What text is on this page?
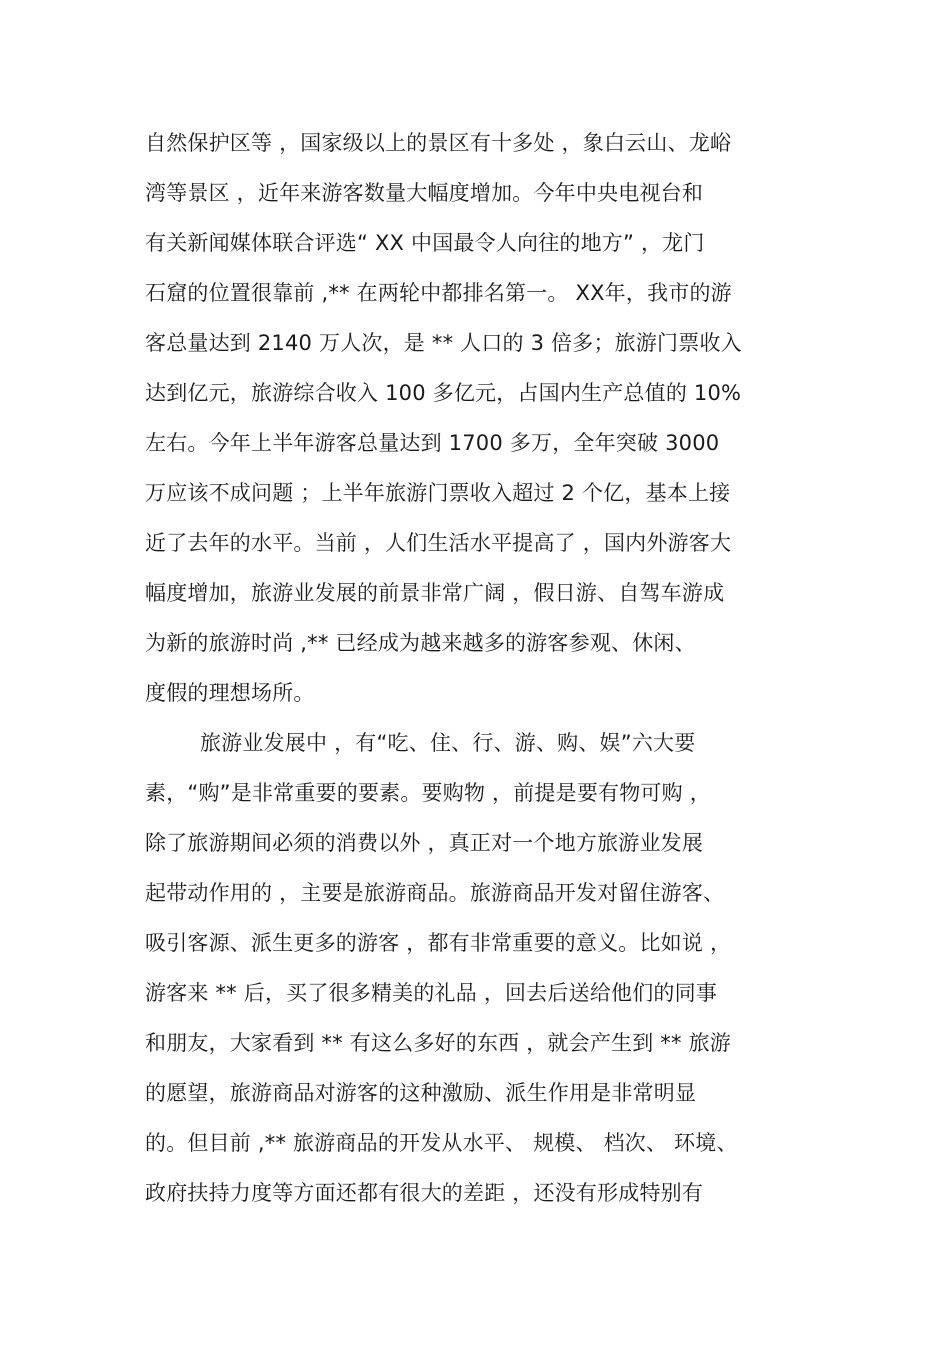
自然保护区等 ，国家级以上的景区有十多处 ，象白云山、龙峪
湾等景区 ，近年来游客数量大幅度增加。今年中央电视台和
有关新闻媒体联合评选“ XX 中国最令人向往的地方” ，龙门
石窟的位置很靠前 ,** 在两轮中都排名第一。 XX年，我市的游
客总量达到 2140 万人次，是 ** 人口的 3 倍多；旅游门票收入
达到亿元，旅游综合收入 100 多亿元，占国内生产总值的 10%
左右。今年上半年游客总量达到 1700 多万，全年突破 3000
万应该不成问题 ；上半年旅游门票收入超过 2 个亿，基本上接
近了去年的水平。当前 ，人们生活水平提高了 ，国内外游客大
幅度增加，旅游业发展的前景非常广阔 ，假日游、自驾车游成
为新的旅游时尚 ,** 已经成为越来越多的游客参观、休闲、
度假的理想场所。
旅游业发展中 ，有“吃、住、行、游、购、娱”六大要
素，“购”是非常重要的要素。要购物 ，前提是要有物可购 ，
除了旅游期间必须的消费以外 ，真正对一个地方旅游业发展
起带动作用的 ，主要是旅游商品。旅游商品开发对留住游客、
吸引客源、派生更多的游客 ，都有非常重要的意义。比如说 ，
游客来 ** 后，买了很多精美的礼品 ，回去后送给他们的同事
和朋友，大家看到 ** 有这么多好的东西 ，就会产生到 ** 旅游
的愿望，旅游商品对游客的这种激励、派生作用是非常明显
的。但目前 ,** 旅游商品的开发从水平、 规模、 档次、 环境、
政府扶持力度等方面还都有很大的差距 ，还没有形成特别有
